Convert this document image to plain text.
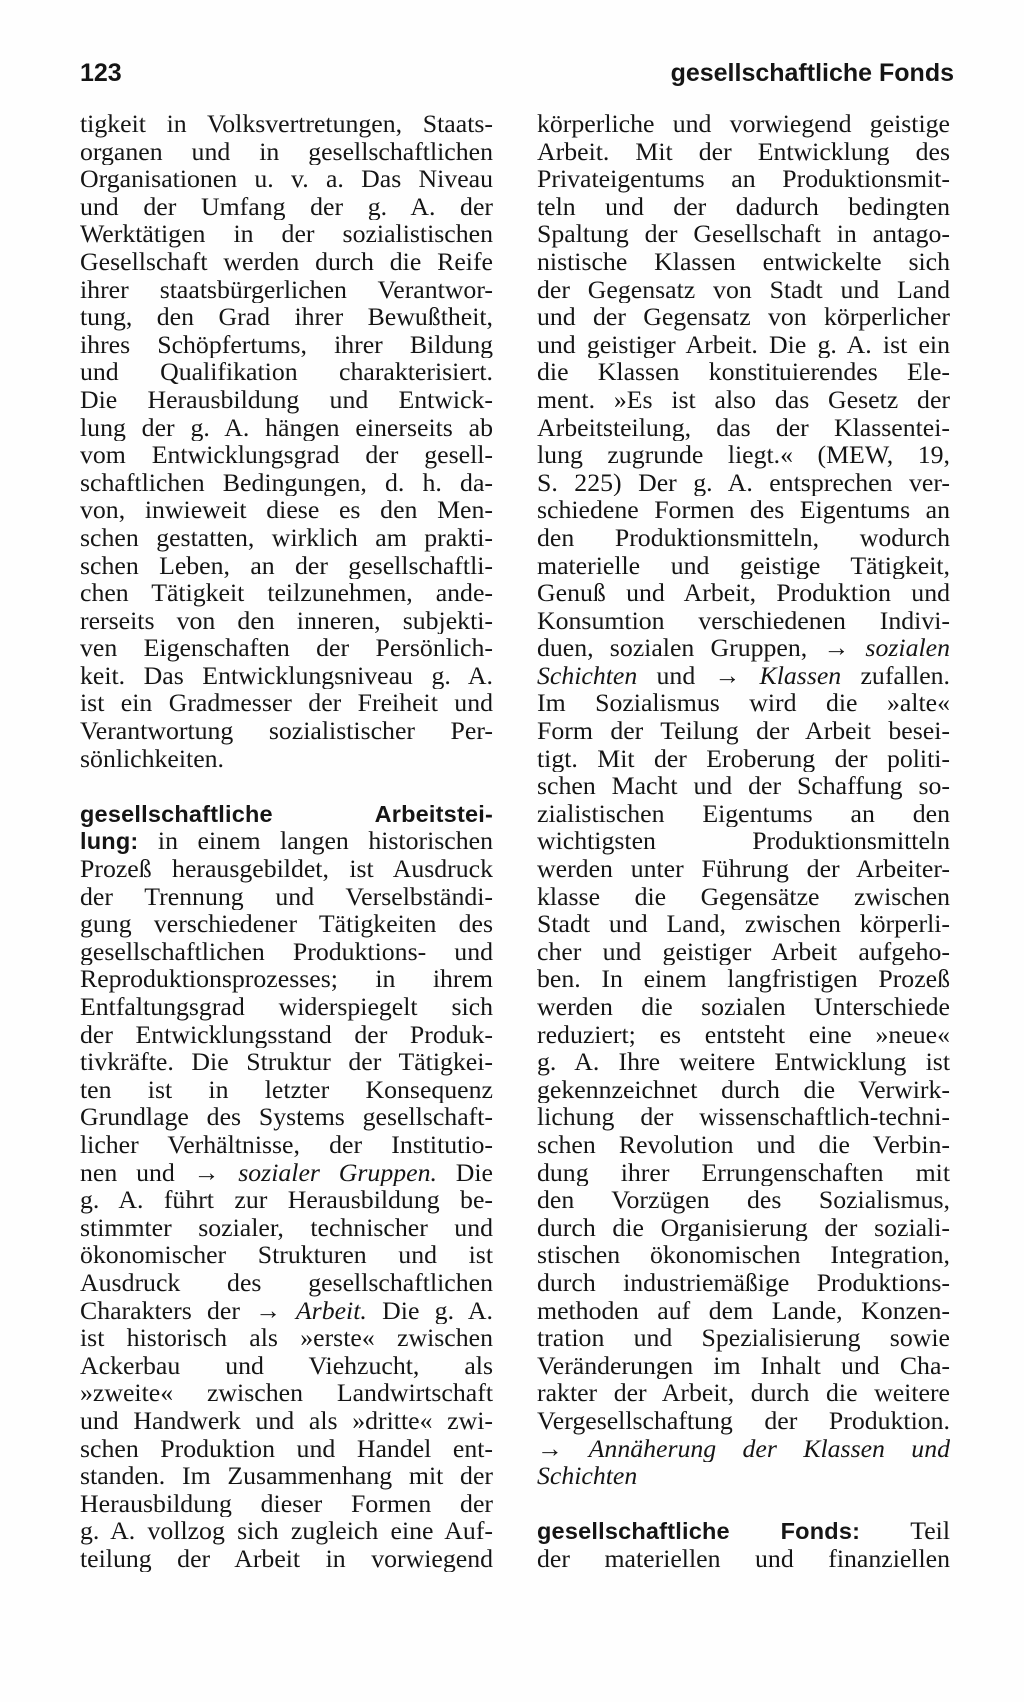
123	gesellschaftliche Fonds
tigkeit in Volksvertretungen, Staats-
organen und in gesellschaftlichen
Organisationen u. v. a. Das Niveau
und der Umfang der g. A. der
Werktätigen in der sozialistischen
Gesellschaft werden durch die Reife
ihrer staatsbürgerlichen Verantwor-
tung, den Grad ihrer Bewußtheit,
ihres Schöpfertums, ihrer Bildung
und Qualifikation charakterisiert.
Die Herausbildung und Entwick-
lung der g. A. hängen einerseits ab
vom Entwicklungsgrad der gesell-
schaftlichen Bedingungen, d. h. da-
von, inwieweit diese es den Men-
schen gestatten, wirklich am prakti-
schen Leben, an der gesellschaftli-
chen Tätigkeit teilzunehmen, ande-
rerseits von den inneren, subjekti-
ven Eigenschaften der Persönlich-
keit. Das Entwicklungsniveau g. A.
ist ein Gradmesser der Freiheit und
Verantwortung sozialistischer Per-
sönlichkeiten.
gesellschaftliche Arbeitstei-
lung: in einem langen historischen
Prozeß herausgebildet, ist Ausdruck
der Trennung und Verselbständi-
gung verschiedener Tätigkeiten des
gesellschaftlichen Produktions- und
Reproduktionsprozesses; in ihrem
Entfaltungsgrad widerspiegelt sich
der Entwicklungsstand der Produk-
tivkräfte. Die Struktur der Tätigkei-
ten ist in letzter Konsequenz
Grundlage des Systems gesellschaft-
licher Verhältnisse, der Institutio-
nen und → sozialer Gruppen. Die
g. A. führt zur Herausbildung be-
stimmter sozialer, technischer und
ökonomischer Strukturen und ist
Ausdruck des gesellschaftlichen
Charakters der → Arbeit. Die g. A.
ist historisch als »erste« zwischen
Ackerbau und Viehzucht, als
»zweite« zwischen Landwirtschaft
und Handwerk und als »dritte« zwi-
schen Produktion und Handel ent-
standen. Im Zusammenhang mit der
Herausbildung dieser Formen der
g. A. vollzog sich zugleich eine Auf-
teilung der Arbeit in vorwiegend
körperliche und vorwiegend geistige
Arbeit. Mit der Entwicklung des
Privateigentums an Produktionsmit-
teln und der dadurch bedingten
Spaltung der Gesellschaft in antago-
nistische Klassen entwickelte sich
der Gegensatz von Stadt und Land
und der Gegensatz von körperlicher
und geistiger Arbeit. Die g. A. ist ein
die Klassen konstituierendes Ele-
ment. »Es ist also das Gesetz der
Arbeitsteilung, das der Klassentei-
lung zugrunde liegt.« (MEW, 19,
S. 225) Der g. A. entsprechen ver-
schiedene Formen des Eigentums an
den Produktionsmitteln, wodurch
materielle und geistige Tätigkeit,
Genuß und Arbeit, Produktion und
Konsumtion verschiedenen Indivi-
duen, sozialen Gruppen, → sozialen
Schichten und → Klassen zufallen.
Im Sozialismus wird die »alte«
Form der Teilung der Arbeit besei-
tigt. Mit der Eroberung der politi-
schen Macht und der Schaffung so-
zialistischen Eigentums an den
wichtigsten Produktionsmitteln
werden unter Führung der Arbeiter-
klasse die Gegensätze zwischen
Stadt und Land, zwischen körperli-
cher und geistiger Arbeit aufgeho-
ben. In einem langfristigen Prozeß
werden die sozialen Unterschiede
reduziert; es entsteht eine »neue«
g. A. Ihre weitere Entwicklung ist
gekennzeichnet durch die Verwirk-
lichung der wissenschaftlich-techni-
schen Revolution und die Verbin-
dung ihrer Errungenschaften mit
den Vorzügen des Sozialismus,
durch die Organisierung der soziali-
stischen ökonomischen Integration,
durch industriemäßige Produktions-
methoden auf dem Lande, Konzen-
tration und Spezialisierung sowie
Veränderungen im Inhalt und Cha-
rakter der Arbeit, durch die weitere
Vergesellschaftung der Produktion.
→ Annäherung der Klassen und
Schichten
gesellschaftliche Fonds: Teil
der materiellen und finanziellen
